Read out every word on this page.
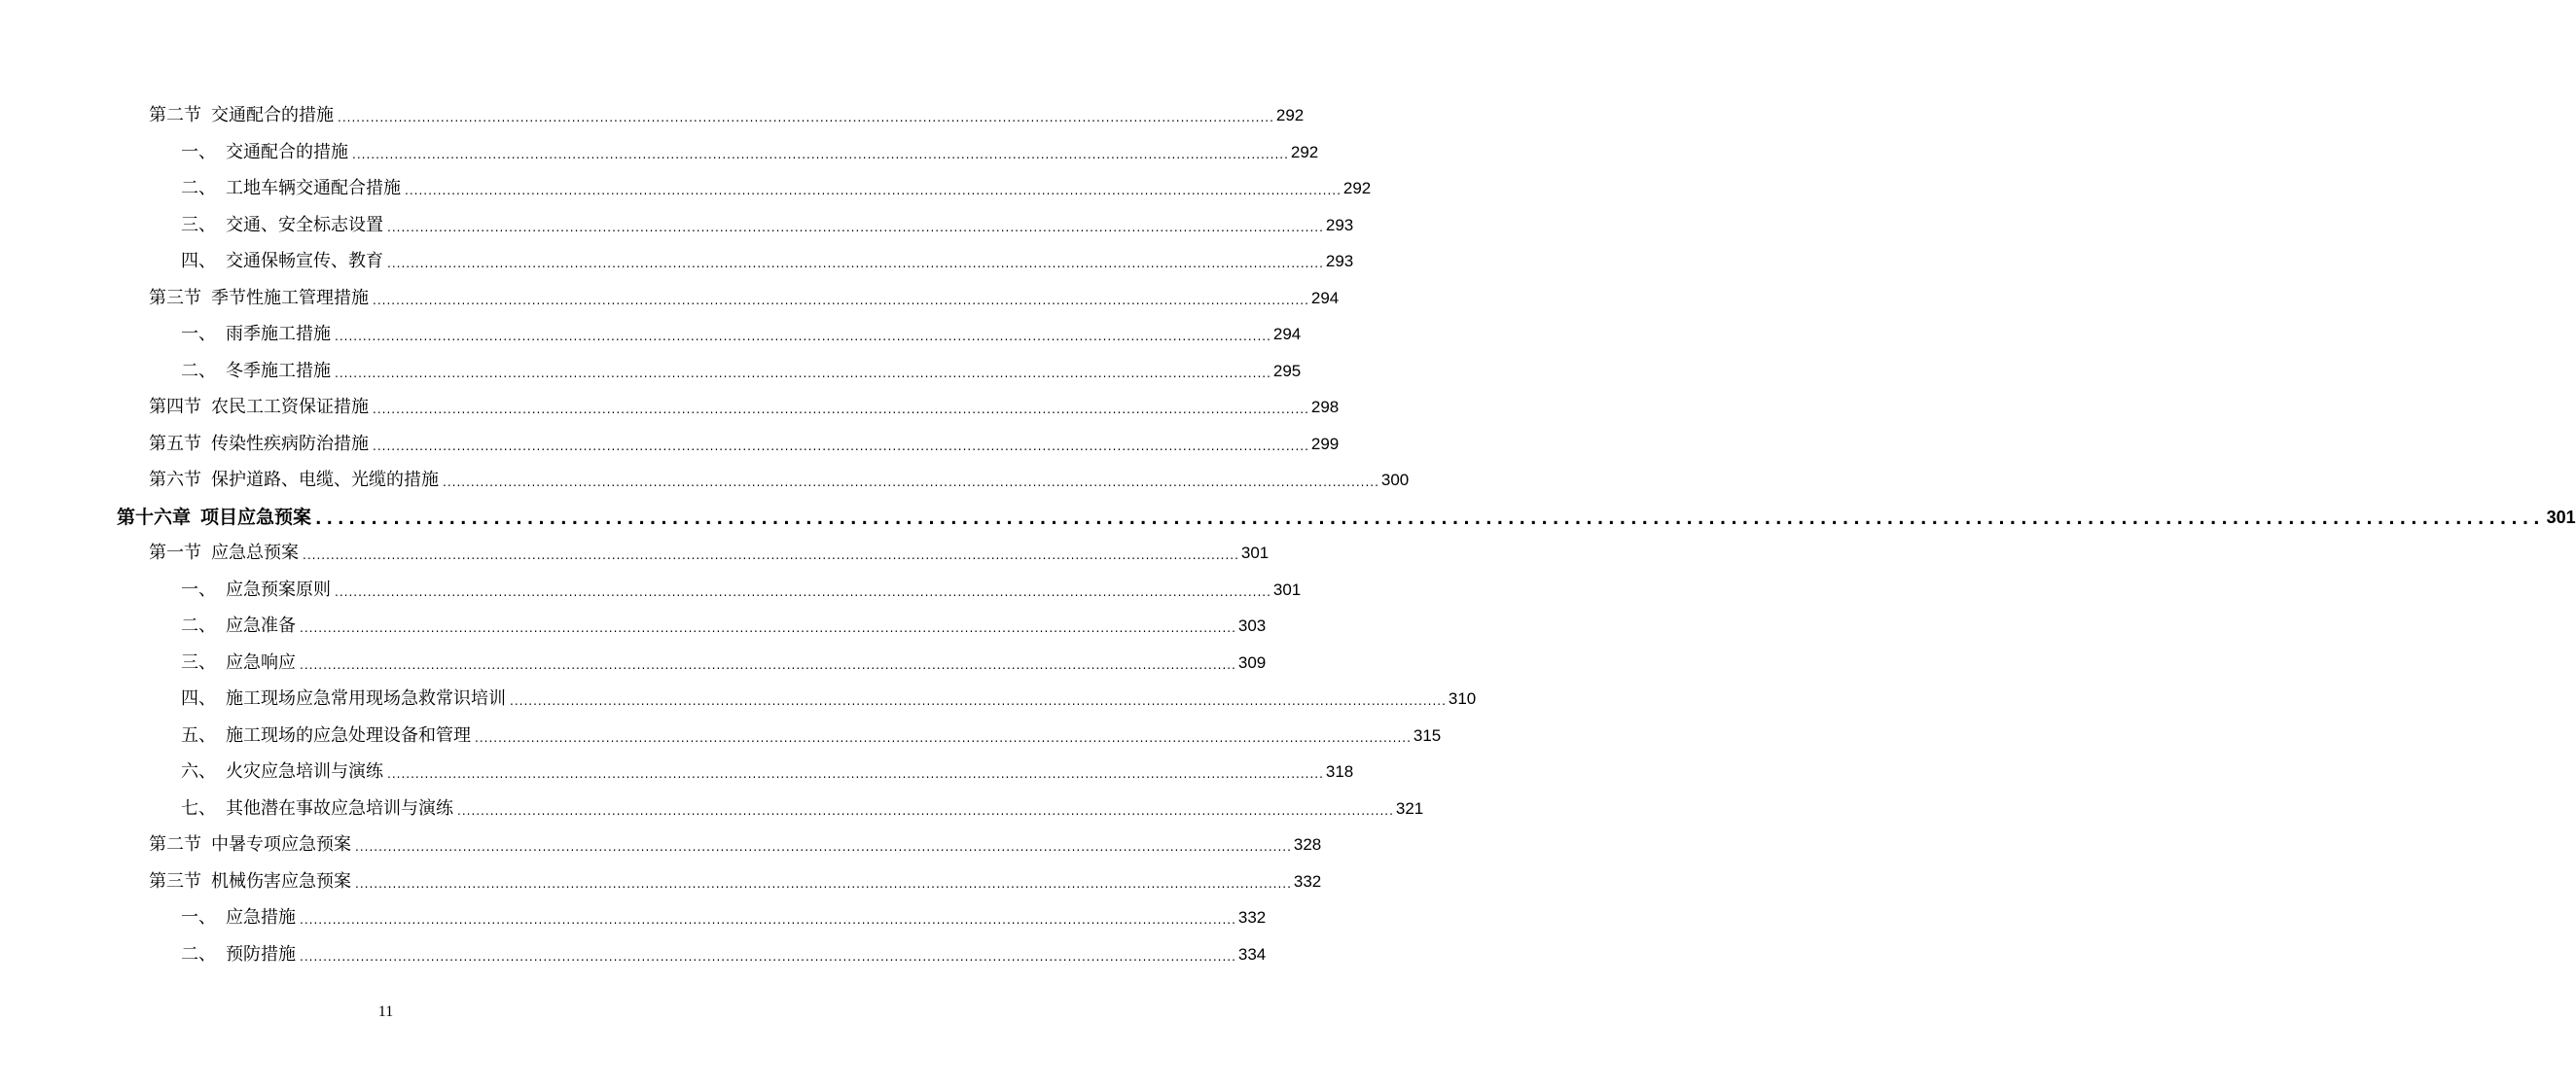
第二节 交通配合的措施 ........................................................................................................................................................................................................ 292
一、 交通配合的措施 ........................................................................................................................................................................................................ 292
二、 工地车辆交通配合措施 ........................................................................................................................................................................................................ 292
三、 交通、安全标志设置 ........................................................................................................................................................................................................ 293
四、 交通保畅宣传、教育 ........................................................................................................................................................................................................ 293
第三节 季节性施工管理措施 ........................................................................................................................................................................................................ 294
一、 雨季施工措施 ........................................................................................................................................................................................................ 294
二、 冬季施工措施 ........................................................................................................................................................................................................ 295
第四节 农民工工资保证措施 ........................................................................................................................................................................................................ 298
第五节 传染性疾病防治措施 ........................................................................................................................................................................................................ 299
第六节 保护道路、电缆、光缆的措施 ........................................................................................................................................................................................................ 300
第十六章 项目应急预案 ........................................................................................................................................................................................................ 301
第一节 应急总预案 ........................................................................................................................................................................................................ 301
一、 应急预案原则 ........................................................................................................................................................................................................ 301
二、 应急准备 ........................................................................................................................................................................................................ 303
三、 应急响应 ........................................................................................................................................................................................................ 309
四、 施工现场应急常用现场急救常识培训 ........................................................................................................................................................................................................ 310
五、 施工现场的应急处理设备和管理 ........................................................................................................................................................................................................ 315
六、 火灾应急培训与演练 ........................................................................................................................................................................................................ 318
七、 其他潜在事故应急培训与演练 ........................................................................................................................................................................................................ 321
第二节 中暑专项应急预案 ........................................................................................................................................................................................................ 328
第三节 机械伤害应急预案 ........................................................................................................................................................................................................ 332
一、 应急措施 ........................................................................................................................................................................................................ 332
二、 预防措施 ........................................................................................................................................................................................................ 334
11
